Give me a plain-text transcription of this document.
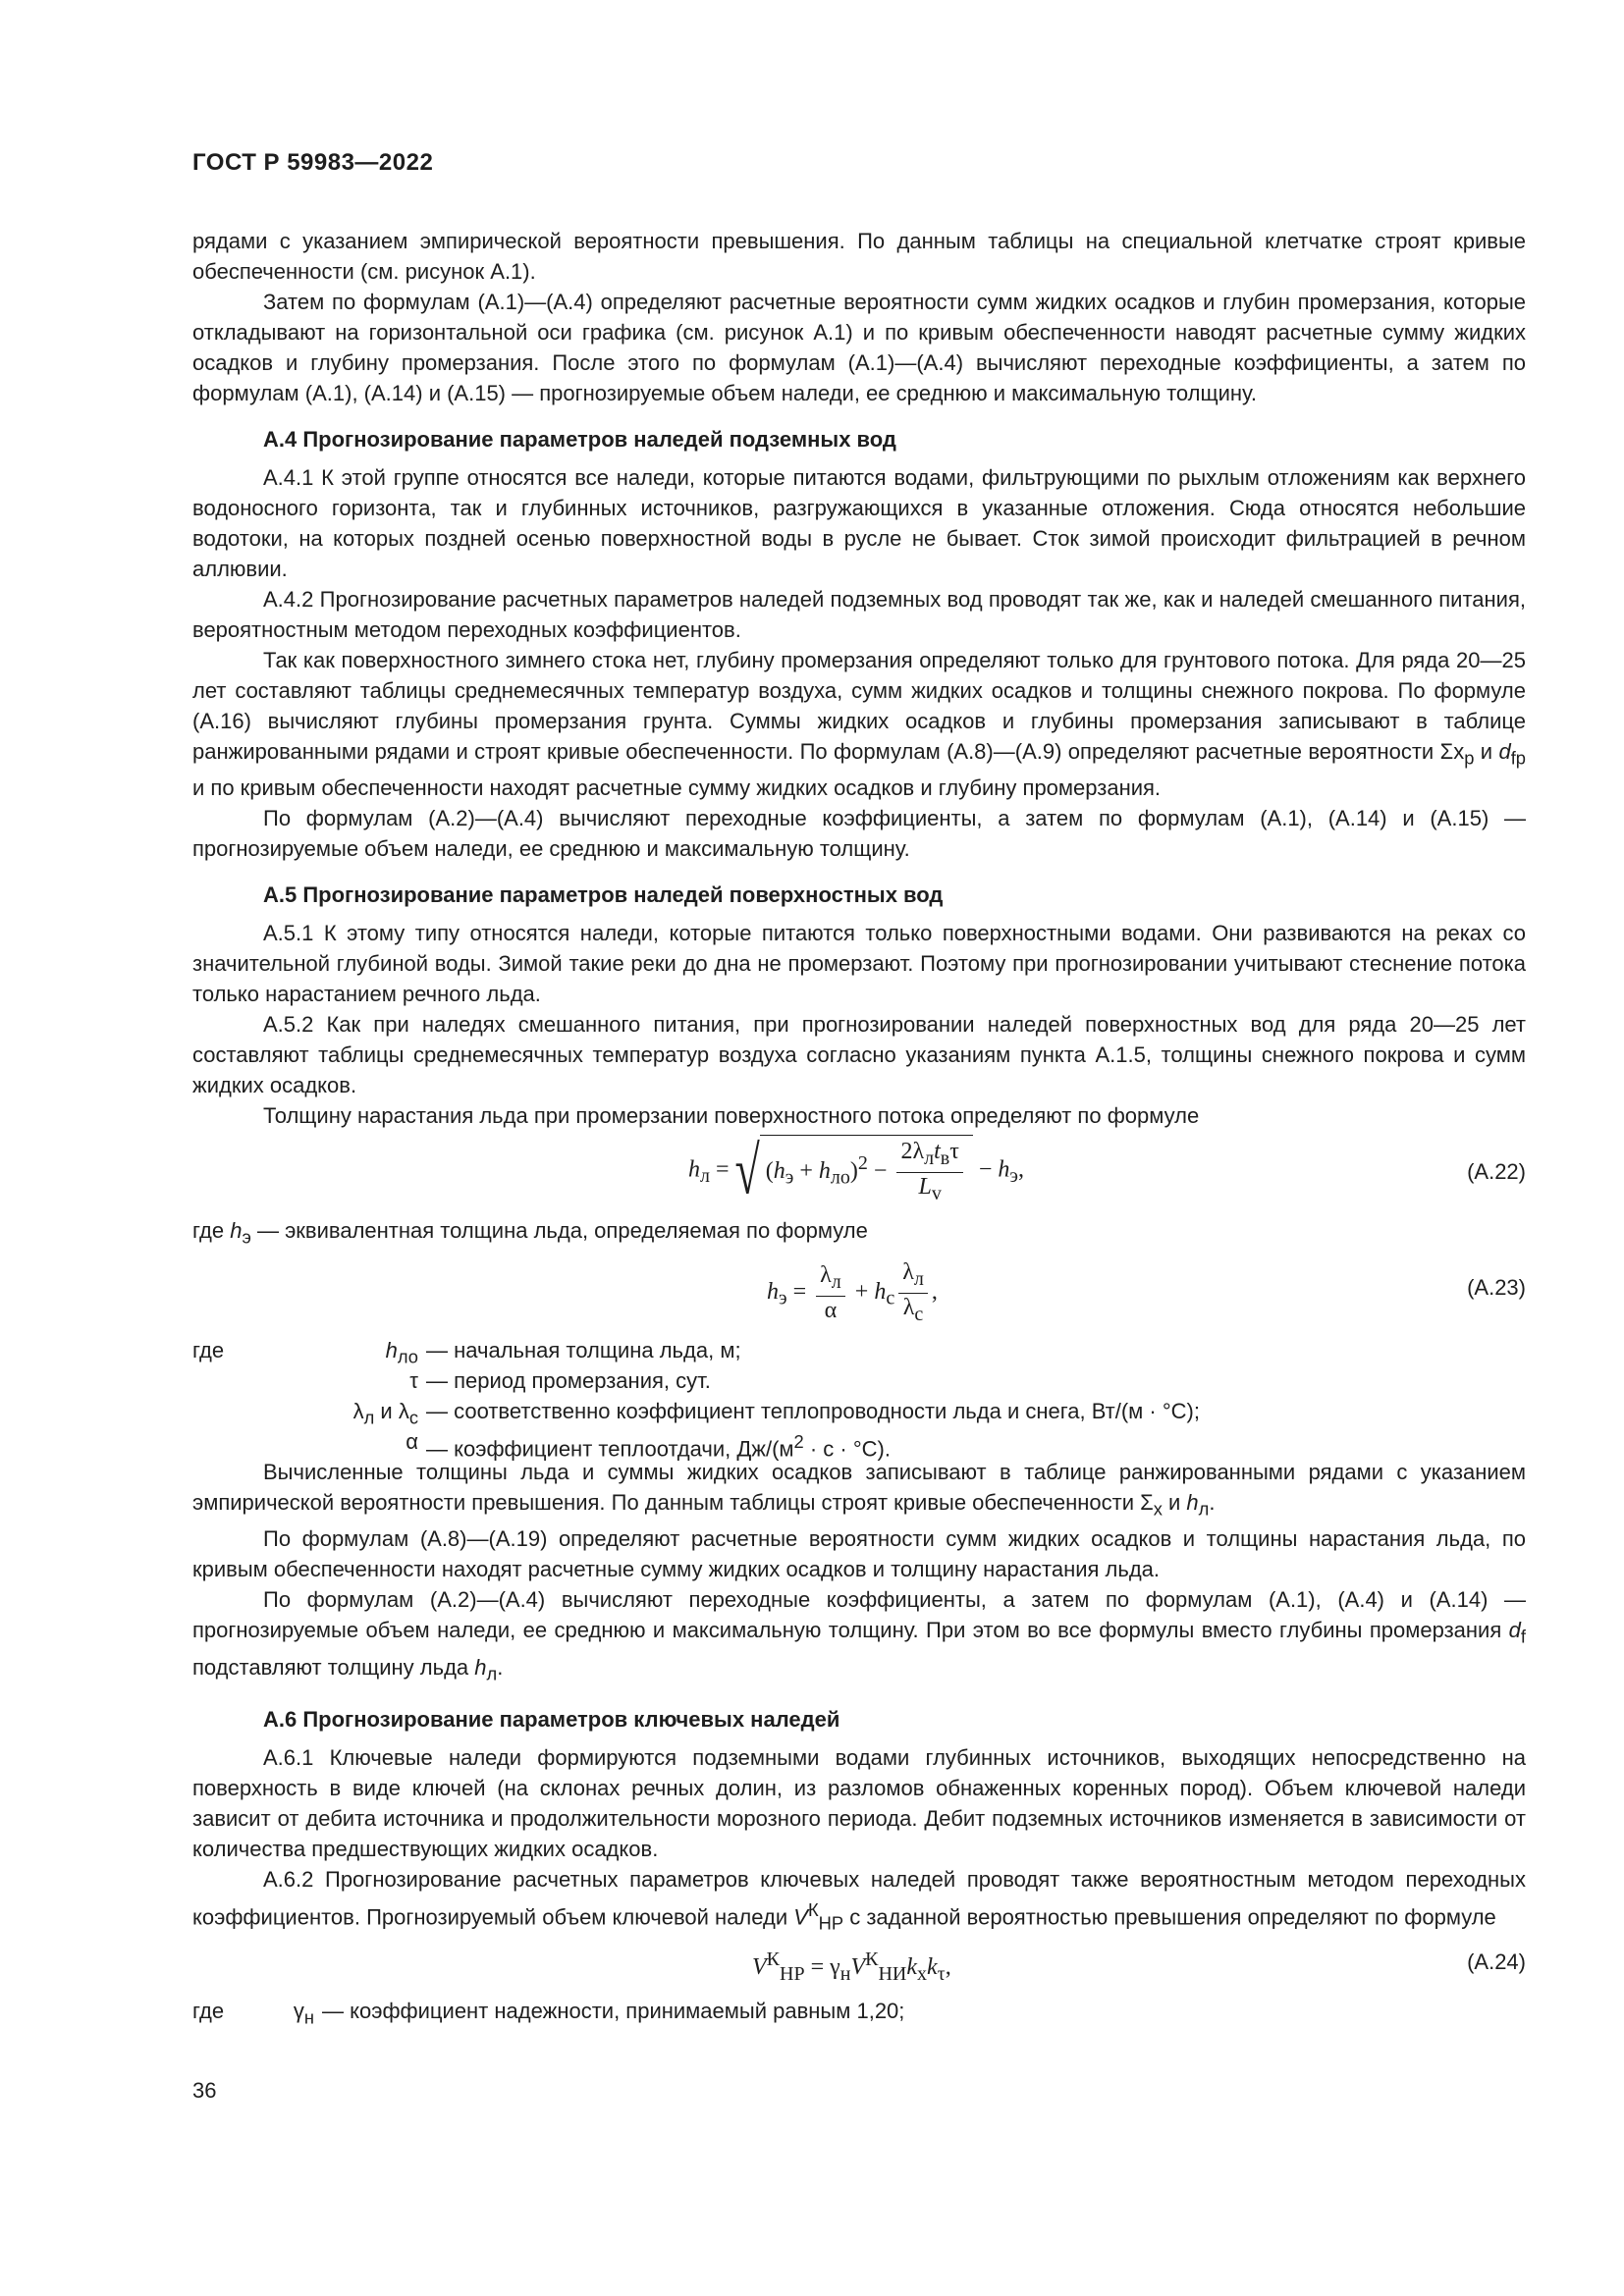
ГОСТ Р 59983—2022

рядами с указанием эмпирической вероятности превышения. По данным таблицы на специальной клетчатке строят кривые обеспеченности (см. рисунок А.1).

Затем по формулам (А.1)—(А.4) определяют расчетные вероятности сумм жидких осадков и глубин промерзания, которые откладывают на горизонтальной оси графика (см. рисунок А.1) и по кривым обеспеченности наводят расчетные сумму жидких осадков и глубину промерзания. После этого по формулам (А.1)—(А.4) вычисляют переходные коэффициенты, а затем по формулам (А.1), (А.14) и (А.15) — прогнозируемые объем наледи, ее среднюю и максимальную толщину.

А.4 Прогнозирование параметров наледей подземных вод

А.4.1 К этой группе относятся все наледи, которые питаются водами, фильтрующими по рыхлым отложениям как верхнего водоносного горизонта, так и глубинных источников, разгружающихся в указанные отложения. Сюда относятся небольшие водотоки, на которых поздней осенью поверхностной воды в русле не бывает. Сток зимой происходит фильтрацией в речном аллювии.

А.4.2 Прогнозирование расчетных параметров наледей подземных вод проводят так же, как и наледей смешанного питания, вероятностным методом переходных коэффициентов.

Так как поверхностного зимнего стока нет, глубину промерзания определяют только для грунтового потока. Для ряда 20—25 лет составляют таблицы среднемесячных температур воздуха, сумм жидких осадков и толщины снежного покрова. По формуле (А.16) вычисляют глубины промерзания грунта. Суммы жидких осадков и глубины промерзания записывают в таблице ранжированными рядами и строят кривые обеспеченности. По формулам (А.8)—(А.9) определяют расчетные вероятности $\Sigma x_р$ и $d_{fр}$ и по кривым обеспеченности находят расчетные сумму жидких осадков и глубину промерзания.

По формулам (А.2)—(А.4) вычисляют переходные коэффициенты, а затем по формулам (А.1), (А.14) и (А.15) — прогнозируемые объем наледи, ее среднюю и максимальную толщину.

А.5 Прогнозирование параметров наледей поверхностных вод

А.5.1 К этому типу относятся наледи, которые питаются только поверхностными водами. Они развиваются на реках со значительной глубиной воды. Зимой такие реки до дна не промерзают. Поэтому при прогнозировании учитывают стеснение потока только нарастанием речного льда.

А.5.2 Как при наледях смешанного питания, при прогнозировании наледей поверхностных вод для ряда 20—25 лет составляют таблицы среднемесячных температур воздуха согласно указаниям пункта А.1.5, толщины снежного покрова и сумм жидких осадков.

Толщину нарастания льда при промерзании поверхностного потока определяют по формуле

$h_л$ = √ $(h_э + h_{ло})^2 - \frac{2\lambda_лt_в\tau}{L_v} - h_э$,	(А.22)

где $h_э$ — эквивалентная толщина льда, определяемая по формуле

$h_э = \frac{\lambda_л}{\alpha} + h_с \frac{\lambda_л}{\lambda_с}$ ,	(А.23)
где	$h_{ло}$ — начальная толщина льда, м;
τ — период промерзания, сут.
$\lambda_л$ и $\lambda_с$ — соответственно коэффициент теплопроводности льда и снега, Вт/(м · °С);
α — коэффициент теплоотдачи, $Дж/(м^2 \cdot с \cdot ^\circ С)$.

Вычисленные толщины льда и суммы жидких осадков записывают в таблице ранжированными рядами с указанием эмпирической вероятности превышения. По данным таблицы строят кривые обеспеченности $\Sigma_x$ и $h_л$.

По формулам (А.8)—(А.19) определяют расчетные вероятности сумм жидких осадков и толщины нарастания льда, по кривым обеспеченности находят расчетные сумму жидких осадков и толщину нарастания льда.

По формулам (А.2)—(А.4) вычисляют переходные коэффициенты, а затем по формулам (А.1), (А.4) и (А.14) — прогнозируемые объем наледи, ее среднюю и максимальную толщину. При этом во все формулы вместо глубины промерзания $d_f$ подставляют толщину льда $h_л$.

А.6 Прогнозирование параметров ключевых наледей

А.6.1 Ключевые наледи формируются подземными водами глубинных источников, выходящих непосредственно на поверхность в виде ключей (на склонах речных долин, из разломов обнаженных коренных пород). Объем ключевой наледи зависит от дебита источника и продолжительности морозного периода. Дебит подземных источников изменяется в зависимости от количества предшествующих жидких осадков.

А.6.2 Прогнозирование расчетных параметров ключевых наледей проводят также вероятностным методом переходных коэффициентов. Прогнозируемый объем ключевой наледи $V^К_{НР}$ с заданной вероятностью превышения определяют по формуле

$V^К_{НР} = \gamma_нV^К_{НИ}k_xk_\tau$,	(А.24)
где	$\gamma_н$ — коэффициент надежности, принимаемый равным 1,20;
36
